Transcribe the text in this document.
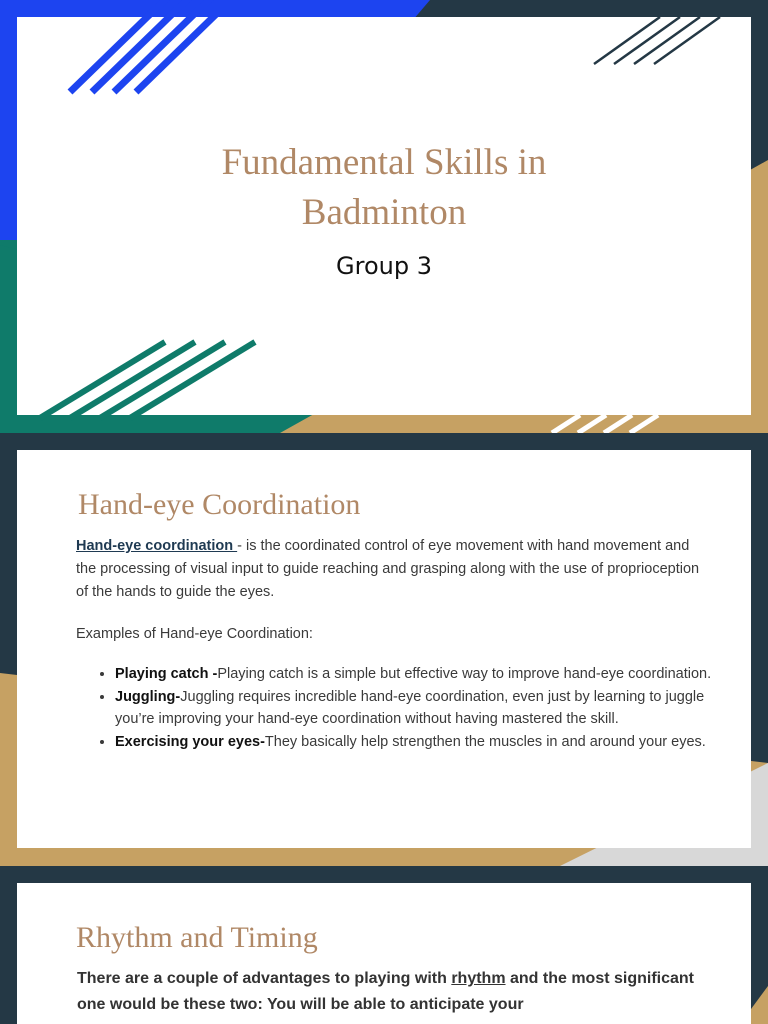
Fundamental Skills in
Badminton
Group 3
Hand-eye Coordination
Hand-eye coordination - is the coordinated control of eye movement with hand movement and the processing of visual input to guide reaching and grasping along with the use of proprioception of the hands to guide the eyes.
Examples of Hand-eye Coordination:
• Playing catch -Playing catch is a simple but effective way to improve hand-eye coordination.
• Juggling-Juggling requires incredible hand-eye coordination, even just by learning to juggle you’re improving your hand-eye coordination without having mastered the skill.
• Exercising your eyes-They basically help strengthen the muscles in and around your eyes.
Rhythm and Timing
There are a couple of advantages to playing with rhythm and the most significant one would be these two: You will be able to anticipate your
